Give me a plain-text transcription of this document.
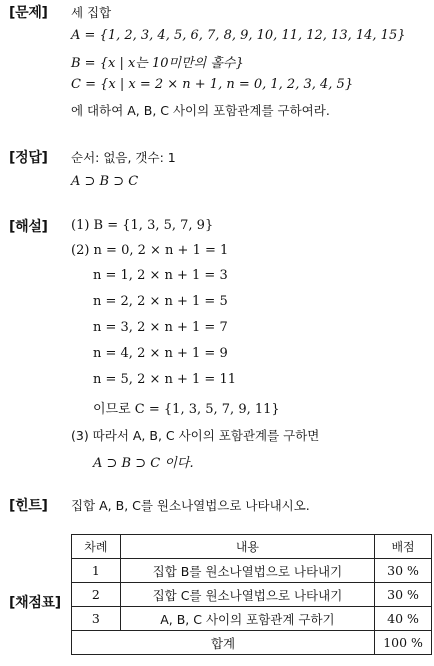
[문제]
[정답]
[해설]
[힌트]
[채점표]
세 집합
A = {1, 2, 3, 4, 5, 6, 7, 8, 9, 10, 11, 12, 13, 14, 15}
B = {x | x는 10미만의 홀수}
C = {x | x = 2 × n + 1, n = 0, 1, 2, 3, 4, 5}
에 대하여 A, B, C 사이의 포함관계를 구하여라.
순서: 없음, 갯수: 1
A ⊃ B ⊃ C
(1) B = {1, 3, 5, 7, 9}
(2) n = 0, 2 × n + 1 = 1
n = 1, 2 × n + 1 = 3
n = 2, 2 × n + 1 = 5
n = 3, 2 × n + 1 = 7
n = 4, 2 × n + 1 = 9
n = 5, 2 × n + 1 = 11
이므로 C = {1, 3, 5, 7, 9, 11}
(3) 따라서 A, B, C 사이의 포함관계를 구하면
A ⊃ B ⊃ C 이다.
집합 A, B, C를 원소나열법으로 나타내시오.
차례	내용	배점
1	집합 B를 원소나열법으로 나타내기	30 %
2	집합 C를 원소나열법으로 나타내기	30 %
3	A, B, C 사이의 포함관계 구하기	40 %
합계		100 %
